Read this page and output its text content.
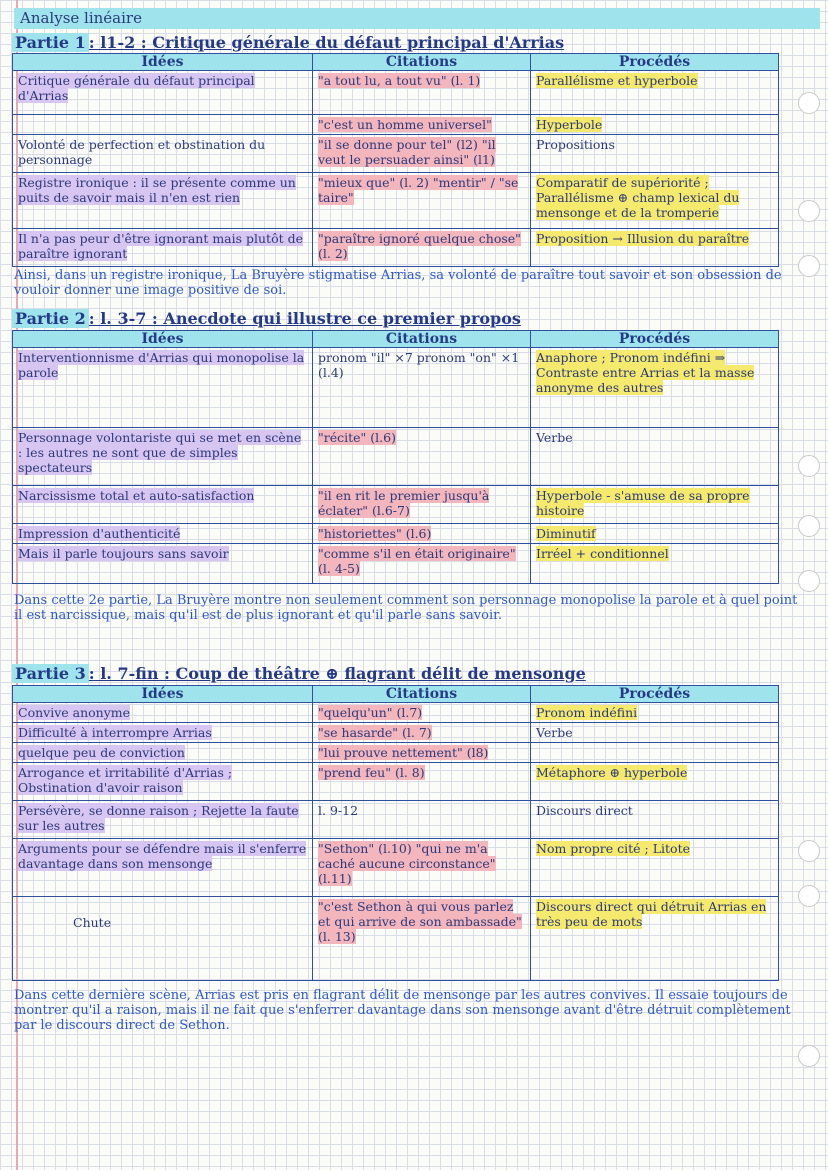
Analyse linéaire
Partie 1 : l1-2 : Critique générale du défaut principal d'Arrias
Idées	Citations	Procédés
Critique générale du défaut principal d'Arrias	"a tout lu, a tout vu" (l. 1)	Parallélisme et hyperbole
	"c'est un homme universel"	Hyperbole
Volonté de perfection et obstination du personnage	"il se donne pour tel" (l2) "il veut le persuader ainsi" (l1)	Propositions
Registre ironique : il se présente comme un puits de savoir mais il n'en est rien	"mieux que" (l. 2) "mentir" / "se taire"	Comparatif de supériorité ; Parallélisme ⊕ champ lexical du mensonge et de la tromperie
Il n'a pas peur d'être ignorant mais plutôt de paraître ignorant	"paraître ignoré quelque chose" (l. 2)	Proposition → Illusion du paraître
Ainsi, dans un registre ironique, La Bruyère stigmatise Arrias, sa volonté de paraître tout savoir et son obsession de vouloir donner une image positive de soi.
Partie 2 : l. 3-7 : Anecdote qui illustre ce premier propos
Idées	Citations	Procédés
Interventionnisme d'Arrias qui monopolise la parole	pronom "il" ×7 pronom "on" ×1 (l.4)	Anaphore ; Pronom indéfini ⇒ Contraste entre Arrias et la masse anonyme des autres
Personnage volontariste qui se met en scène : les autres ne sont que de simples spectateurs	"récite" (l.6)	Verbe
Narcissisme total et auto-satisfaction	"il en rit le premier jusqu'à éclater" (l.6-7)	Hyperbole - s'amuse de sa propre histoire
Impression d'authenticité	"historiettes" (l.6)	Diminutif
Mais il parle toujours sans savoir	"comme s'il en était originaire" (l. 4-5)	Irréel + conditionnel
Dans cette 2e partie, La Bruyère montre non seulement comment son personnage monopolise la parole et à quel point il est narcissique, mais qu'il est de plus ignorant et qu'il parle sans savoir.
Partie 3 : l. 7-fin : Coup de théâtre ⊕ flagrant délit de mensonge
Idées	Citations	Procédés
Convive anonyme	"quelqu'un" (l.7)	Pronom indéfini
Difficulté à interrompre Arrias	"se hasarde" (l. 7)	Verbe
quelque peu de conviction	"lui prouve nettement" (l8)	
Arrogance et irritabilité d'Arrias ; Obstination d'avoir raison	"prend feu" (l. 8)	Métaphore ⊕ hyperbole
Persévère, se donne raison ; Rejette la faute sur les autres	l. 9-12	Discours direct
Arguments pour se défendre mais il s'enferre davantage dans son mensonge	"Sethon" (l.10) "qui ne m'a caché aucune circonstance" (l.11)	Nom propre cité ; Litote
Chute	"c'est Sethon à qui vous parlez et qui arrive de son ambassade" (l. 13)	Discours direct qui détruit Arrias en très peu de mots
Dans cette dernière scène, Arrias est pris en flagrant délit de mensonge par les autres convives. Il essaie toujours de montrer qu'il a raison, mais il ne fait que s'enferrer davantage dans son mensonge avant d'être détruit complètement par le discours direct de Sethon.
